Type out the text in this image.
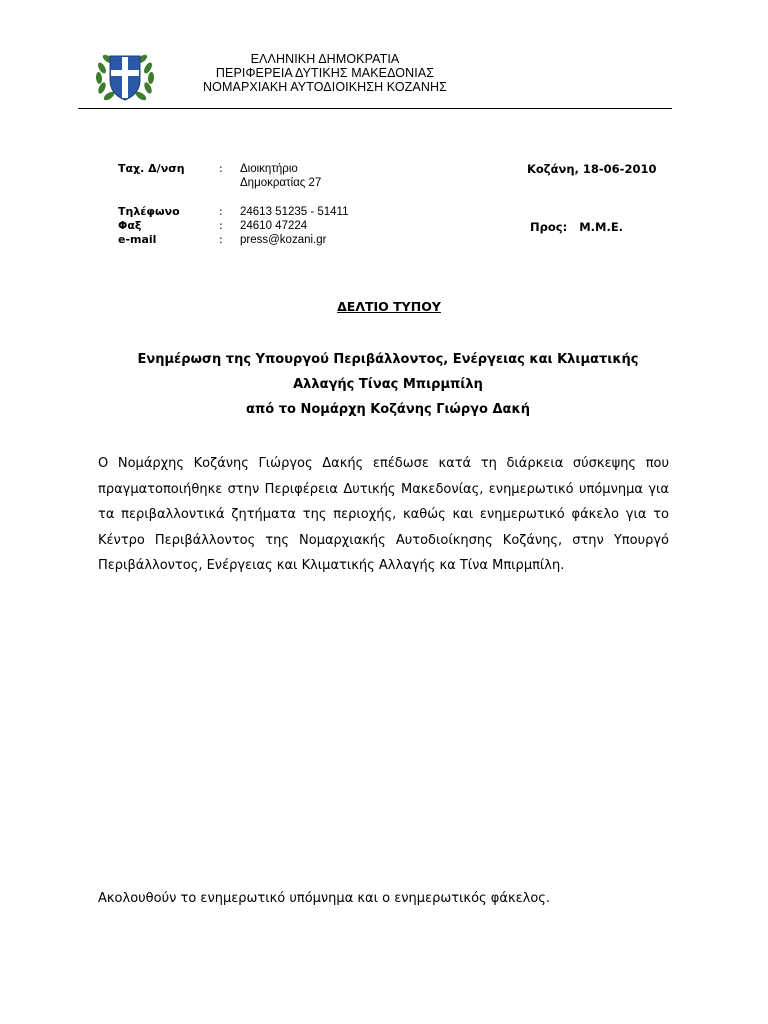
ΕΛΛΗΝΙΚΗ ΔΗΜΟΚΡΑΤΙΑ
ΠΕΡΙΦΕΡΕΙΑ ΔΥΤΙΚΗΣ ΜΑΚΕΔΟΝΙΑΣ
ΝΟΜΑΡΧΙΑΚΗ ΑΥΤΟΔΙΟΙΚΗΣΗ ΚΟΖΑΝΗΣ
Ταχ. Δ/νση	: Διοικητήριο
Δημοκρατίας 27
Τηλέφωνο	: 24613 51235 - 51411
Φαξ	: 24610 47224
e-mail	: press@kozani.gr
Κοζάνη, 18-06-2010
Προς: Μ.Μ.Ε.
ΔΕΛΤΙΟ ΤΥΠΟΥ
Ενημέρωση της Υπουργού Περιβάλλοντος, Ενέργειας και Κλιματικής
Αλλαγής Τίνας Μπιρμπίλη
από το Νομάρχη Κοζάνης Γιώργο Δακή
Ο Νομάρχης Κοζάνης Γιώργος Δακής επέδωσε κατά τη διάρκεια σύσκεψης που πραγματοποιήθηκε στην Περιφέρεια Δυτικής Μακεδονίας, ενημερωτικό υπόμνημα για τα περιβαλλοντικά ζητήματα της περιοχής, καθώς και ενημερωτικό φάκελο για το Κέντρο Περιβάλλοντος της Νομαρχιακής Αυτοδιοίκησης Κοζάνης, στην Υπουργό Περιβάλλοντος, Ενέργειας και Κλιματικής Αλλαγής κα Τίνα Μπιρμπίλη.
Ακολουθούν το ενημερωτικό υπόμνημα και ο ενημερωτικός φάκελος.
